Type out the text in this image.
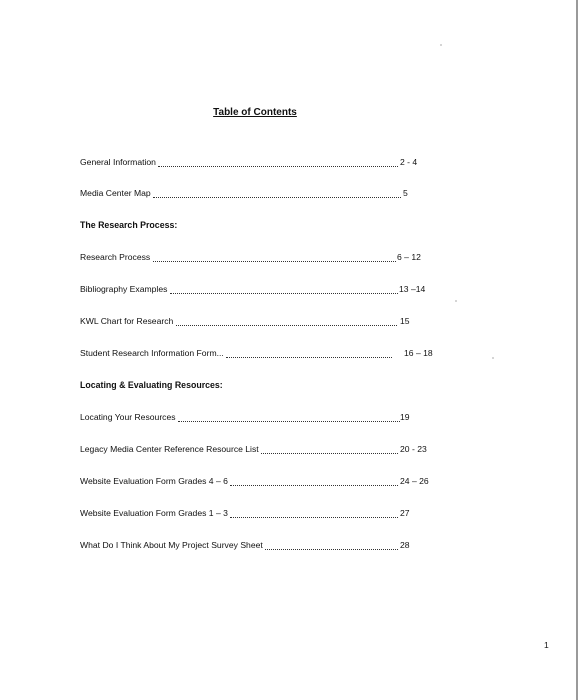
Table of Contents
General Information	2 - 4
Media Center Map	5
The Research Process:
Research Process	6 – 12
Bibliography Examples	13 –14
KWL Chart for Research	15
Student Research Information Form...	16 – 18
Locating & Evaluating Resources:
Locating Your Resources	19
Legacy Media Center Reference Resource List	20 - 23
Website Evaluation Form Grades 4 – 6	24 – 26
Website Evaluation Form Grades 1 – 3	27
What Do I Think About My Project Survey Sheet	28
1
